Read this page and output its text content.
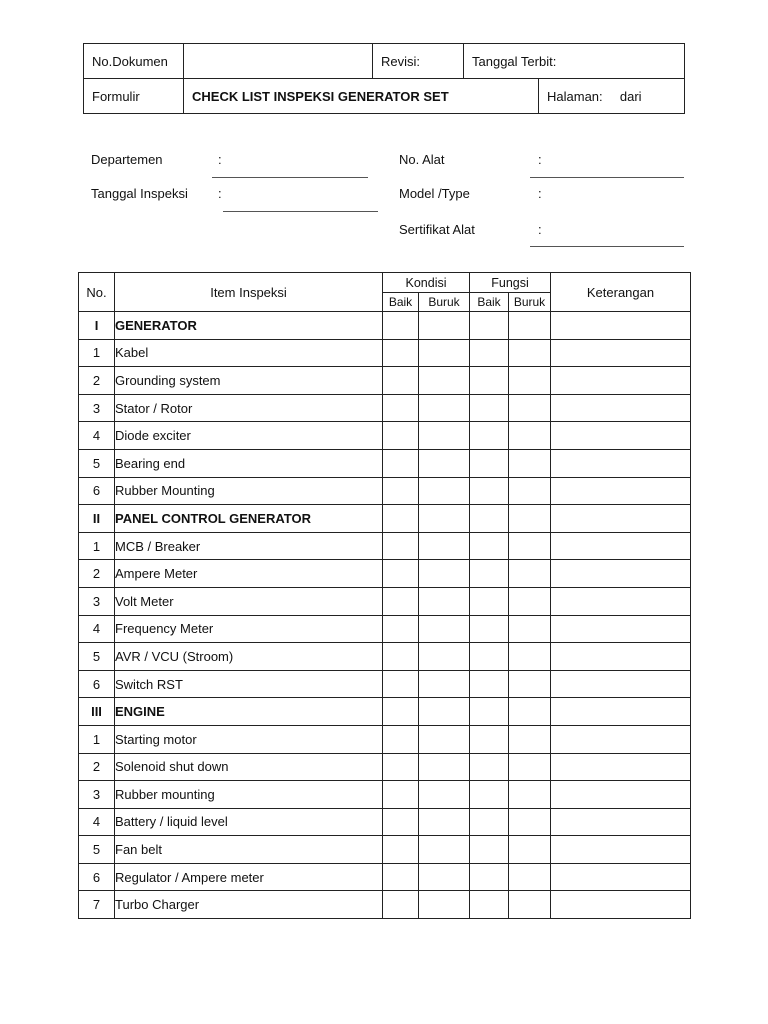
No.Dokumen		Revisi:	Tanggal Terbit:	
Formulir	CHECK LIST INSPEKSI GENERATOR SET			Halaman: dari
Departemen	:
Tanggal Inspeksi :
No. Alat	:
Model /Type	:
Sertifikat Alat	:
No.	Item Inspeksi	Kondisi		Fungsi		Keterangan
		Baik	Buruk	Baik	Buruk	
I	GENERATOR					
1	Kabel					
2	Grounding system					
3	Stator / Rotor					
4	Diode exciter					
5	Bearing end					
6	Rubber Mounting					
II	PANEL CONTROL GENERATOR					
1	MCB / Breaker					
2	Ampere Meter					
3	Volt Meter					
4	Frequency Meter					
5	AVR / VCU (Stroom)					
6	Switch RST					
III	ENGINE					
1	Starting motor					
2	Solenoid shut down					
3	Rubber mounting					
4	Battery / liquid level					
5	Fan belt					
6	Regulator / Ampere meter					
7	Turbo Charger					
